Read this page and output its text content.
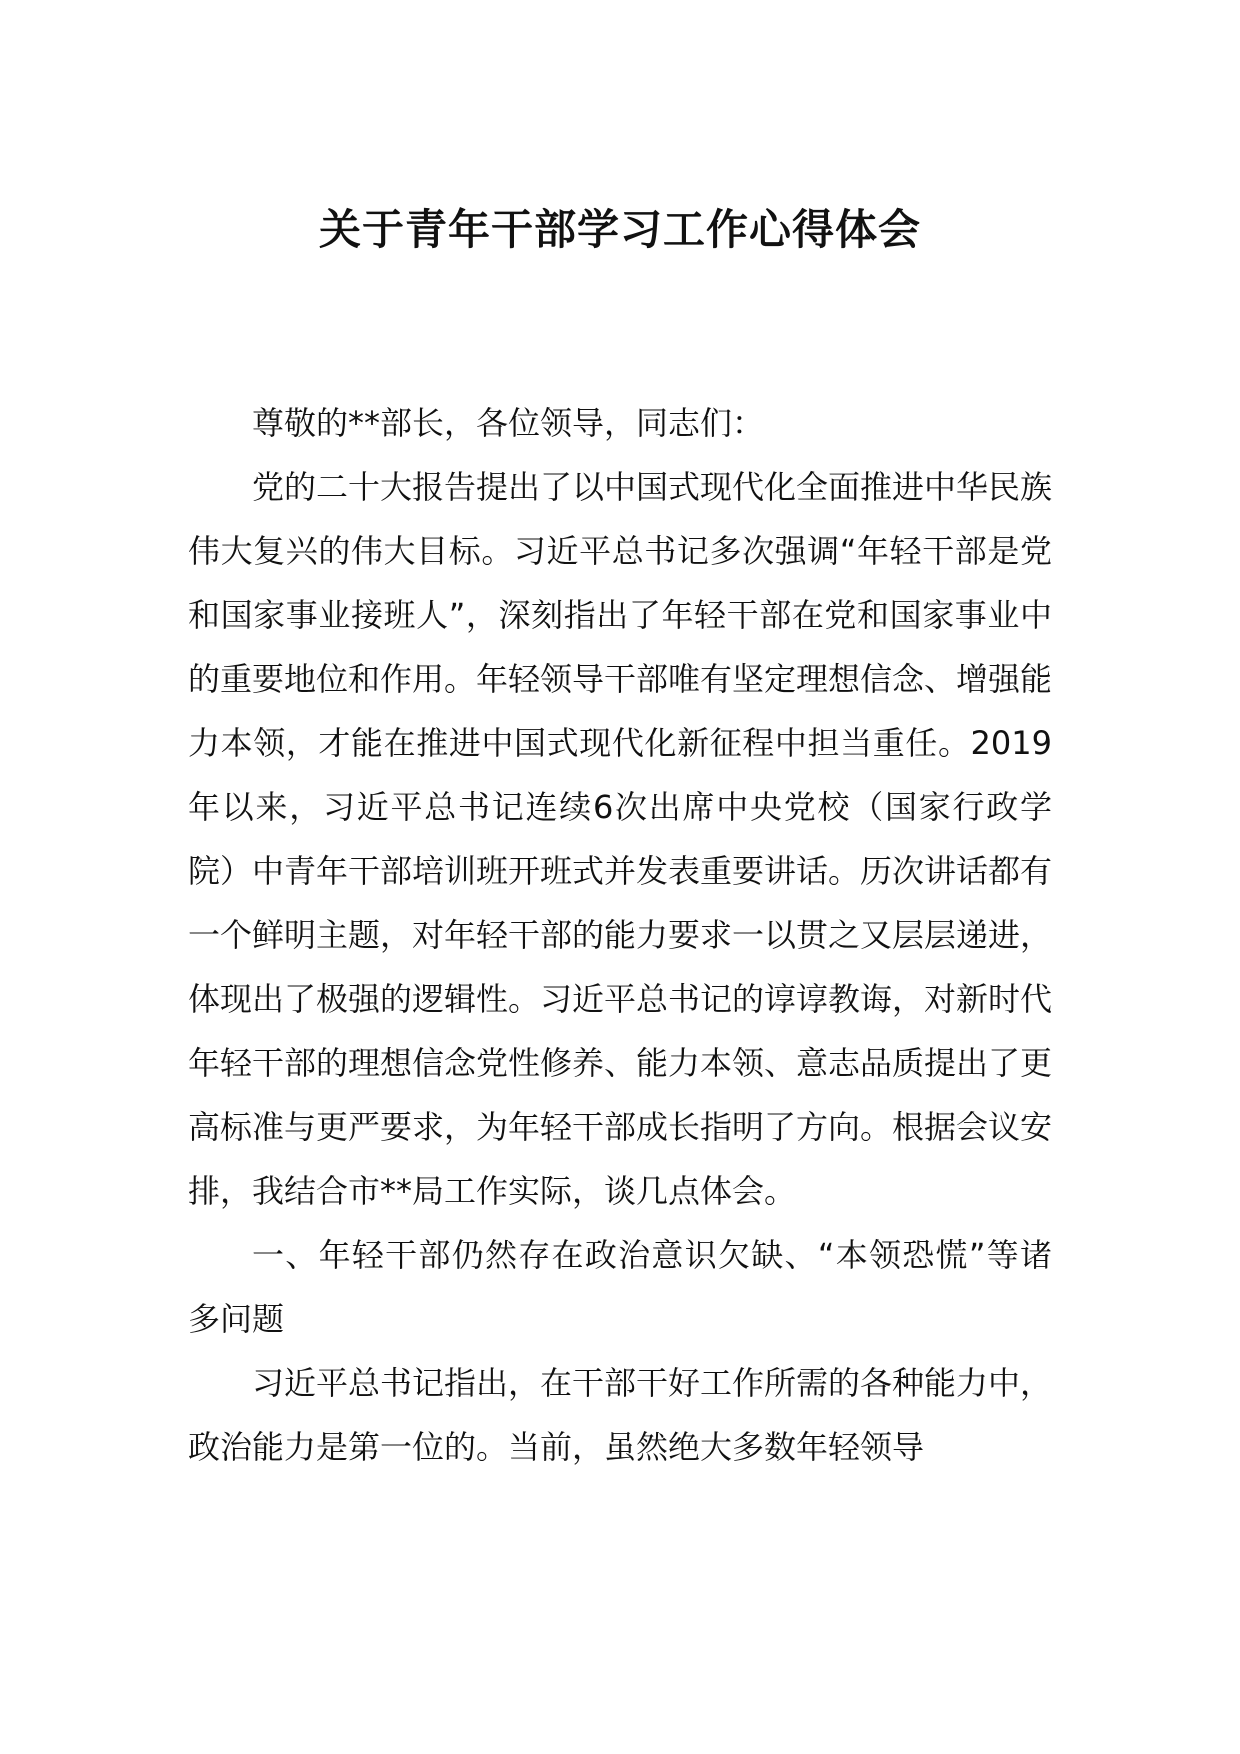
关于青年干部学习工作心得体会

尊敬的**部长，各位领导，同志们：

党的二十大报告提出了以中国式现代化全面推进中华民族伟大复兴的伟大目标。习近平总书记多次强调“年轻干部是党和国家事业接班人”，深刻指出了年轻干部在党和国家事业中的重要地位和作用。年轻领导干部唯有坚定理想信念、增强能力本领，才能在推进中国式现代化新征程中担当重任。2019年以来，习近平总书记连续6次出席中央党校（国家行政学院）中青年干部培训班开班式并发表重要讲话。历次讲话都有一个鲜明主题，对年轻干部的能力要求一以贯之又层层递进，体现出了极强的逻辑性。习近平总书记的谆谆教诲，对新时代年轻干部的理想信念党性修养、能力本领、意志品质提出了更高标准与更严要求，为年轻干部成长指明了方向。根据会议安排，我结合市**局工作实际，谈几点体会。

一、年轻干部仍然存在政治意识欠缺、“本领恐慌”等诸多问题

习近平总书记指出，在干部干好工作所需的各种能力中，政治能力是第一位的。当前，虽然绝大多数年轻领导
